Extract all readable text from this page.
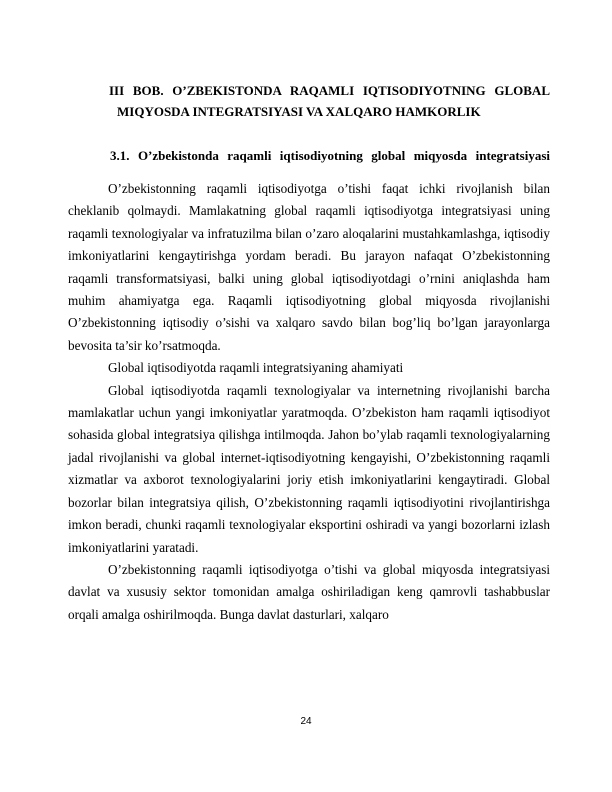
III BOB. O’ZBEKISTONDA RAQAMLI IQTISODIYOTNING GLOBAL
MIQYOSDA INTEGRATSIYASI VA XALQARO HAMKORLIK
3.1. O’zbekistonda raqamli iqtisodiyotning global miqyosda integratsiyasi

O’zbekistonning raqamli iqtisodiyotga o’tishi faqat ichki rivojlanish bilan cheklanib qolmaydi. Mamlakatning global raqamli iqtisodiyotga integratsiyasi uning raqamli texnologiyalar va infratuzilma bilan o’zaro aloqalarini mustahkamlashga, iqtisodiy imkoniyatlarini kengaytirishga yordam beradi. Bu jarayon nafaqat O’zbekistonning raqamli transformatsiyasi, balki uning global iqtisodiyotdagi o’rnini aniqlashda ham muhim ahamiyatga ega. Raqamli iqtisodiyotning global miqyosda rivojlanishi O’zbekistonning iqtisodiy o’sishi va xalqaro savdo bilan bog’liq bo’lgan jarayonlarga bevosita ta’sir ko’rsatmoqda.

Global iqtisodiyotda raqamli integratsiyaning ahamiyati

Global iqtisodiyotda raqamli texnologiyalar va internetning rivojlanishi barcha mamlakatlar uchun yangi imkoniyatlar yaratmoqda. O’zbekiston ham raqamli iqtisodiyot sohasida global integratsiya qilishga intilmoqda. Jahon bo’ylab raqamli texnologiyalarning jadal rivojlanishi va global internet-iqtisodiyotning kengayishi, O’zbekistonning raqamli xizmatlar va axborot texnologiyalarini joriy etish imkoniyatlarini kengaytiradi. Global bozorlar bilan integratsiya qilish, O’zbekistonning raqamli iqtisodiyotini rivojlantirishga imkon beradi, chunki raqamli texnologiyalar eksportini oshiradi va yangi bozorlarni izlash imkoniyatlarini yaratadi.

O’zbekistonning raqamli iqtisodiyotga o’tishi va global miqyosda integratsiyasi davlat va xususiy sektor tomonidan amalga oshiriladigan keng qamrovli tashabbuslar orqali amalga oshirilmoqda. Bunga davlat dasturlari, xalqaro

24
